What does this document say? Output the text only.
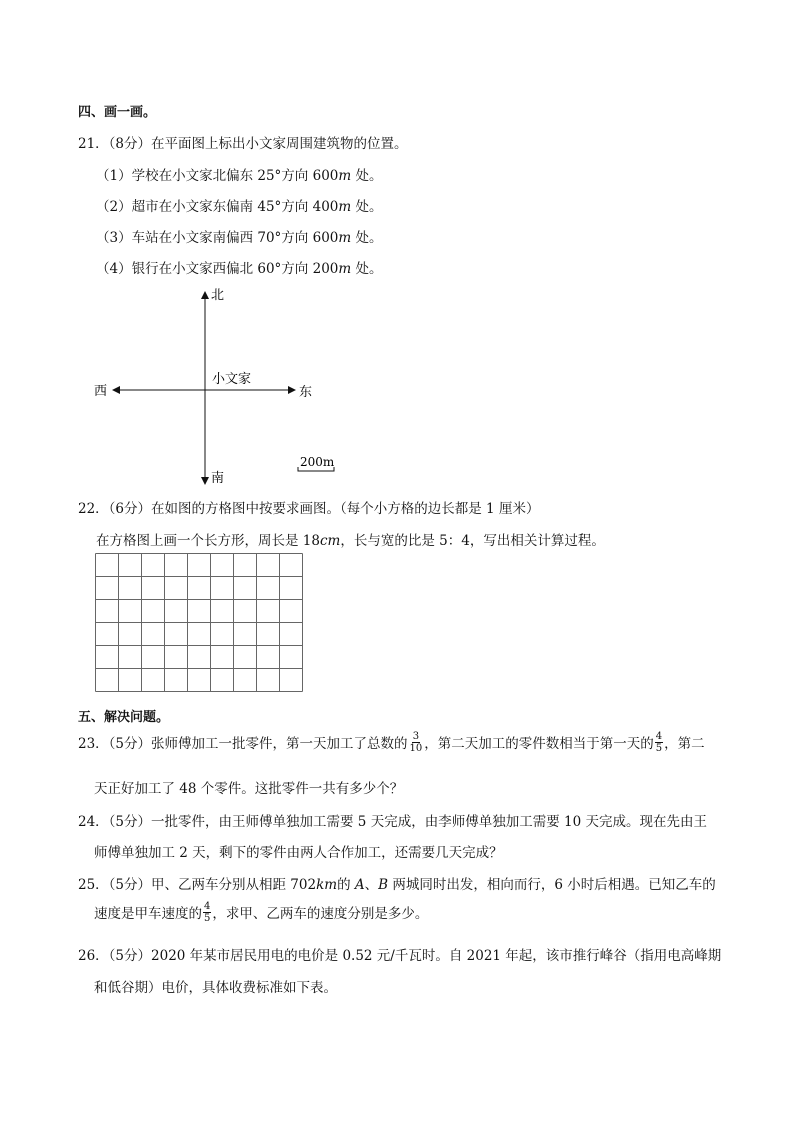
四、画一画。
21．（8分）在平面图上标出小文家周围建筑物的位置。
（1）学校在小文家北偏东 25°方向 600m 处。
（2）超市在小文家东偏南 45°方向 400m 处。
（3）车站在小文家南偏西 70°方向 600m 处。
（4）银行在小文家西偏北 60°方向 200m 处。
北
南
东
西
小文家
200m
22．（6分）在如图的方格图中按要求画图。（每个小方格的边长都是 1 厘米）
在方格图上画一个长方形，周长是 18cm，长与宽的比是 5：4，写出相关计算过程。
五、解决问题。
23．（5分）张师傅加工一批零件，第一天加工了总数的 $\frac{3}{10}$ ，第二天加工的零件数相当于第一天的 $\frac{4}{5}$ ，第二
天正好加工了 48 个零件。这批零件一共有多少个？
24．（5分）一批零件，由王师傅单独加工需要 5 天完成，由李师傅单独加工需要 10 天完成。现在先由王
师傅单独加工 2 天，剩下的零件由两人合作加工，还需要几天完成？
25．（5分）甲、乙两车分别从相距 702km的 A、B 两城同时出发，相向而行，6 小时后相遇。已知乙车的
速度是甲车速度的 $\frac{4}{5}$ ，求甲、乙两车的速度分别是多少。
26．（5分）2020 年某市居民用电的电价是 0.52 元/千瓦时。自 2021 年起，该市推行峰谷（指用电高峰期
和低谷期）电价，具体收费标准如下表。
